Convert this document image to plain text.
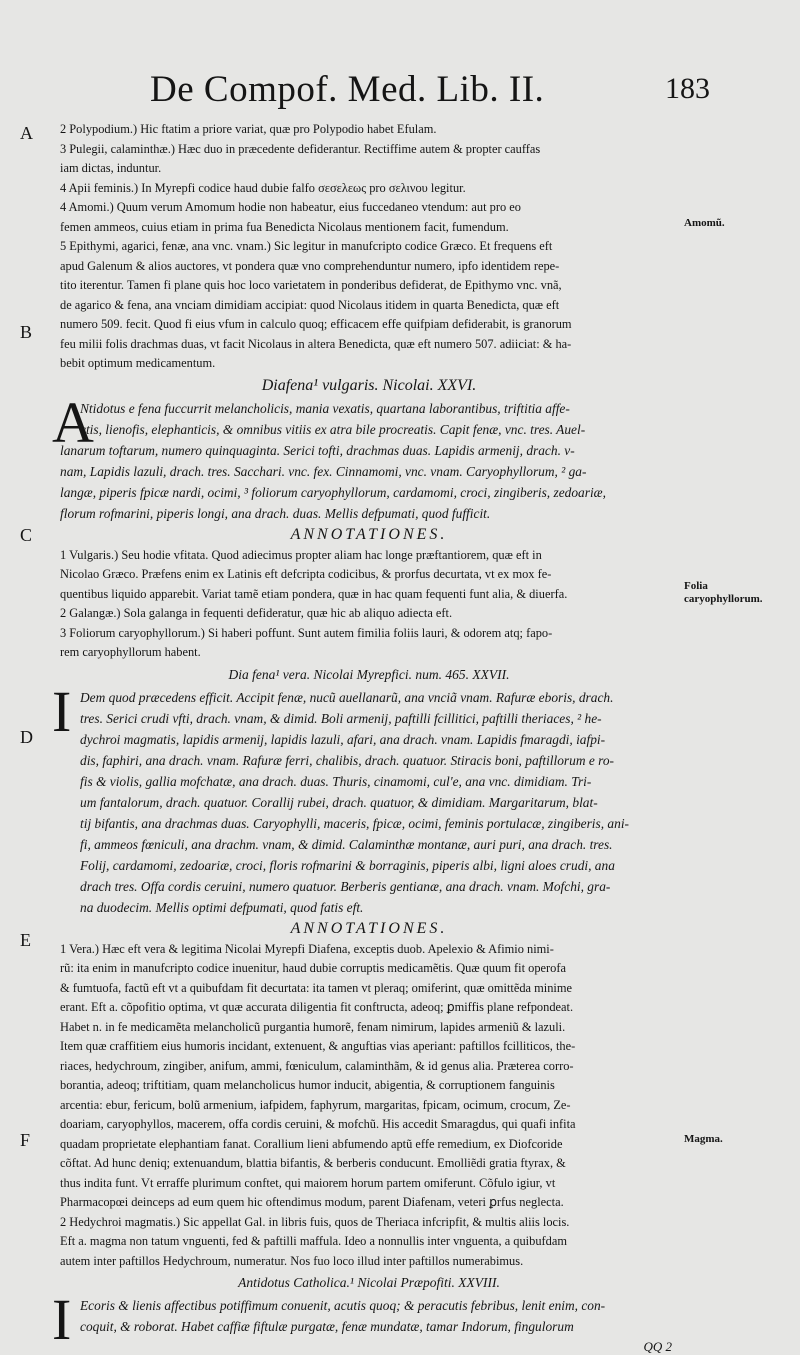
De Compof. Med. Lib. II.	183
A
B
C
D
E
F
Amomũ.
Folia caryophyllorum.
Magma.
2 Polypodium.) Hic ftatim a priore variat, quæ pro Polypodio habet Efulam.
3 Pulegii, calaminthæ.) Hæc duo in præcedente defiderantur. Rectiffime autem & propter cauffas
iam dictas, induntur.
4 Apii feminis.) In Myrepfi codice haud dubie falfo σεσελεως pro σελινου legitur.
4 Amomi.) Quum verum Amomum hodie non habeatur, eius fuccedaneo vtendum: aut pro eo
femen ammeos, cuius etiam in prima fua Benedicta Nicolaus mentionem facit, fumendum.
5 Epithymi, agarici, fenæ, ana vnc. vnam.) Sic legitur in manufcripto codice Græco. Et frequens eft
apud Galenum & alios auctores, vt pondera quæ vno comprehenduntur numero, ipfo identidem repe-
tito iterentur. Tamen fi plane quis hoc loco varietatem in ponderibus defiderat, de Epithymo vnc. vnã,
de agarico & fena, ana vnciam dimidiam accipiat: quod Nicolaus itidem in quarta Benedicta, quæ eft
numero 509. fecit. Quod fi eius vfum in calculo quoq; efficacem effe quifpiam defiderabit, is granorum
feu milii folis drachmas duas, vt facit Nicolaus in altera Benedicta, quæ eft numero 507. adiiciat: & ha-
bebit optimum medicamentum.
Diafena¹ vulgaris. Nicolai. XXVI.
A
Ntidotus e fena fuccurrit melancholicis, mania vexatis, quartana laborantibus, triftitia affe-
ctis, lienofis, elephanticis, & omnibus vitiis ex atra bile procreatis. Capit fenæ, vnc. tres. Auel-
lanarum toftarum, numero quinquaginta. Serici tofti, drachmas duas. Lapidis armenij, drach. v-
nam, Lapidis lazuli, drach. tres. Sacchari. vnc. fex. Cinnamomi, vnc. vnam. Caryophyllorum, ² ga-
langæ, piperis fpicæ nardi, ocimi, ³ foliorum caryophyllorum, cardamomi, croci, zingiberis, zedoariæ,
florum rofmarini, piperis longi, ana drach. duas. Mellis defpumati, quod fufficit.
ANNOTATIONES.
1 Vulgaris.) Seu hodie vfitata. Quod adiecimus propter aliam hac longe præftantiorem, quæ eft in
Nicolao Græco. Præfens enim ex Latinis eft defcripta codicibus, & prorfus decurtata, vt ex mox fe-
quentibus liquido apparebit. Variat tamẽ etiam pondera, quæ in hac quam fequenti funt alia, & diuerfa.
2 Galangæ.) Sola galanga in fequenti defideratur, quæ hic ab aliquo adiecta eft.
3 Foliorum caryophyllorum.) Si haberi poffunt. Sunt autem fimilia foliis lauri, & odorem atq; fapo-
rem caryophyllorum habent.
Dia fena¹ vera. Nicolai Myrepfici. num. 465. XXVII.
I Dem quod præcedens efficit. Accipit fenæ, nucũ auellanarũ, ana vnciã vnam. Rafuræ eboris, drach.
tres. Serici crudi vfti, drach. vnam, & dimid. Boli armenij, paftilli fcillitici, paftilli theriaces, ² he-
dychroi magmatis, lapidis armenij, lapidis lazuli, afari, ana drach. vnam. Lapidis fmaragdi, iafpi-
dis, faphiri, ana drach. vnam. Rafuræ ferri, chalibis, drach. quatuor. Stiracis boni, paftillorum e ro-
fis & violis, gallia mofchatæ, ana drach. duas. Thuris, cinamomi, cul'e, ana vnc. dimidiam. Tri-
um fantalorum, drach. quatuor. Corallij rubei, drach. quatuor, & dimidiam. Margaritarum, blat-
tij bifantis, ana drachmas duas. Caryophylli, maceris, fpicæ, ocimi, feminis portulacæ, zingiberis, ani-
fi, ammeos fœniculi, ana drachm. vnam, & dimid. Calaminthæ montanæ, auri puri, ana drach. tres.
Folij, cardamomi, zedoariæ, croci, floris rofmarini & borraginis, piperis albi, ligni aloes crudi, ana
drach tres. Offa cordis ceruini, numero quatuor. Berberis gentianæ, ana drach. vnam. Mofchi, gra-
na duodecim. Mellis optimi defpumati, quod fatis eft.
ANNOTATIONES.
1 Vera.) Hæc eft vera & legitima Nicolai Myrepfi Diafena, exceptis duob. Apelexio & Afimio nimi-
rũ: ita enim in manufcripto codice inuenitur, haud dubie corruptis medicamẽtis. Quæ quum fit operofa
& fumtuofa, factũ eft vt a quibufdam fit decurtata: ita tamen vt pleraq; omiferint, quæ omittẽda minime
erant. Eft a. cõpofitio optima, vt quæ accurata diligentia fit conftructa, adeoq; ꝑmiffis plane refpondeat.
Habet n. in fe medicamẽta melancholicũ purgantia humorẽ, fenam nimirum, lapides armeniũ & lazuli.
Item quæ craffitiem eius humoris incidant, extenuent, & anguftias vias aperiant: paftillos fcilliticos, the-
riaces, hedychroum, zingiber, anifum, ammi, fœniculum, calaminthãm, & id genus alia. Præterea corro-
borantia, adeoq; triftitiam, quam melancholicus humor inducit, abigentia, & corruptionem fanguinis
arcentia: ebur, fericum, bolũ armenium, iafpidem, faphyrum, margaritas, fpicam, ocimum, crocum, Ze-
doariam, caryophyllos, macerem, offa cordis ceruini, & mofchũ. His accedit Smaragdus, qui quafi infita
quadam proprietate elephantiam fanat. Corallium lieni abfumendo aptũ effe remedium, ex Diofcoride
cõftat. Ad hunc deniq; extenuandum, blattia bifantis, & berberis conducunt. Emolliẽdi gratia ftyrax, &
thus indita funt. Vt erraffe plurimum conftet, qui maiorem horum partem omiferunt. Cõfulo igiur, vt
Pharmacopœi deinceps ad eum quem hic oftendimus modum, parent Diafenam, veteri ꝑrfus neglecta.
2 Hedychroi magmatis.) Sic appellat Gal. in libris fuis, quos de Theriaca infcripfit, & multis aliis locis.
Eft a. magma non tatum vnguenti, fed & paftilli maffula. Ideo a nonnullis inter vnguenta, a quibufdam
autem inter paftillos Hedychroum, numeratur. Nos fuo loco illud inter paftillos numerabimus.
Antidotus Catholica.¹ Nicolai Præpofiti. XXVIII.
I Ecoris & lienis affectibus potiffimum conuenit, acutis quoq; & peracutis febribus, lenit enim, con-
coquit, & roborat. Habet caffiæ fiftulæ purgatæ, fenæ mundatæ, tamar Indorum, fingulorum
QQ 2
